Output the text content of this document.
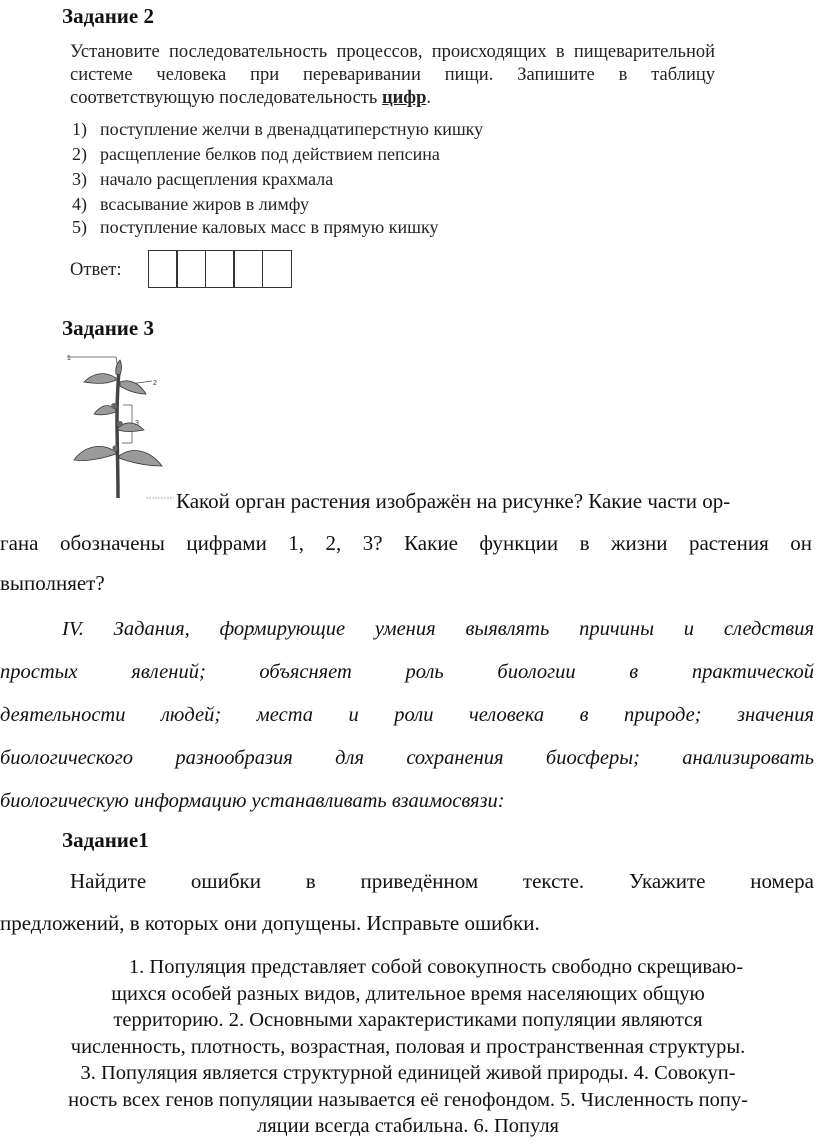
Задание 2
Установите последовательность процессов, происходящих в пищеварительной
системе человека при переваривании пищи. Запишите в таблицу
соответствующую последовательность цифр.
1) поступление желчи в двенадцатиперстную кишку
2) расщепление белков под действием пепсина
3) начало расщепления крахмала
4) всасывание жиров в лимфу
5) поступление каловых масс в прямую кишку
Ответ:
Задание 3
1
2
3
Какой орган растения изображён на рисунке? Какие части ор-
гана обозначены цифрами 1, 2, 3? Какие функции в жизни растения он
выполняет?
IV. Задания, формирующие умения выявлять причины и следствия
простых явлений; объясняет роль биологии в практической
деятельности людей; места и роли человека в природе; значения
биологического разнообразия для сохранения биосферы; анализировать
биологическую информацию устанавливать взаимосвязи:
Задание1
Найдите ошибки в приведённом тексте. Укажите номера
предложений, в которых они допущены. Исправьте ошибки.
1. Популяция представляет собой совокупность свободно скрещиваю-
щихся особей разных видов, длительное время населяющих общую
территорию. 2. Основными характеристиками популяции являются
численность, плотность, возрастная, половая и пространственная структуры.
3. Популяция является структурной единицей живой природы. 4. Совокуп-
ность всех генов популяции называется её генофондом. 5. Численность попу-
ляции всегда стабильна. 6. Популя
